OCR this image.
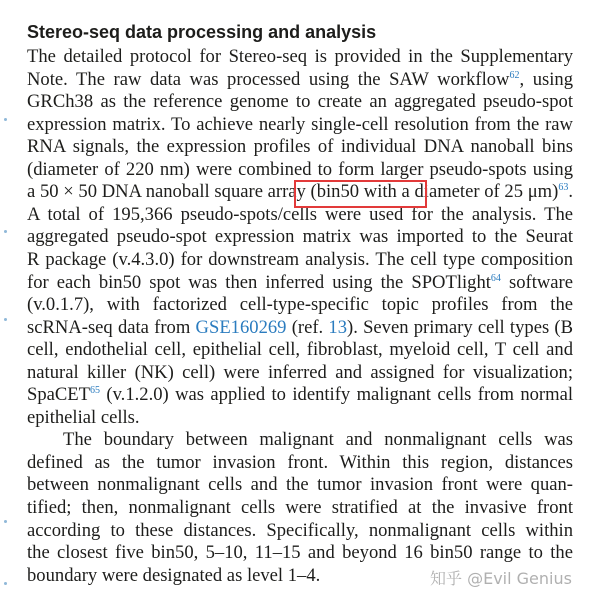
Stereo-seq data processing and analysis
The detailed protocol for Stereo-seq is provided in the Supplementary
Note. The raw data was processed using the SAW workflow$^{62}$, using
GRCh38 as the reference genome to create an aggregated pseudo-spot
expression matrix. To achieve nearly single-cell resolution from the raw
RNA signals, the expression profiles of individual DNA nanoball bins
(diameter of 220 nm) were combined to form larger pseudo-spots using
a 50 × 50 DNA nanoball square array (bin50 with a diameter of 25 μm)$^{63}$.
A total of 195,366 pseudo-spots/cells were used for the analysis. The
aggregated pseudo-spot expression matrix was imported to the Seurat
R package (v.4.3.0) for downstream analysis. The cell type composition
for each bin50 spot was then inferred using the SPOTlight$^{64}$ software
(v.0.1.7), with factorized cell-type-specific topic profiles from the
scRNA-seq data from GSE160269 (ref. 13). Seven primary cell types (B
cell, endothelial cell, epithelial cell, fibroblast, myeloid cell, T cell and
natural killer (NK) cell) were inferred and assigned for visualization;
SpaCET$^{65}$ (v.1.2.0) was applied to identify malignant cells from normal
epithelial cells.
The boundary between malignant and nonmalignant cells was
defined as the tumor invasion front. Within this region, distances
between nonmalignant cells and the tumor invasion front were quan-
tified; then, nonmalignant cells were stratified at the invasive front
according to these distances. Specifically, nonmalignant cells within
the closest five bin50, 5–10, 11–15 and beyond 16 bin50 range to the
boundary were designated as level 1–4.	知乎 @Evil Genius
